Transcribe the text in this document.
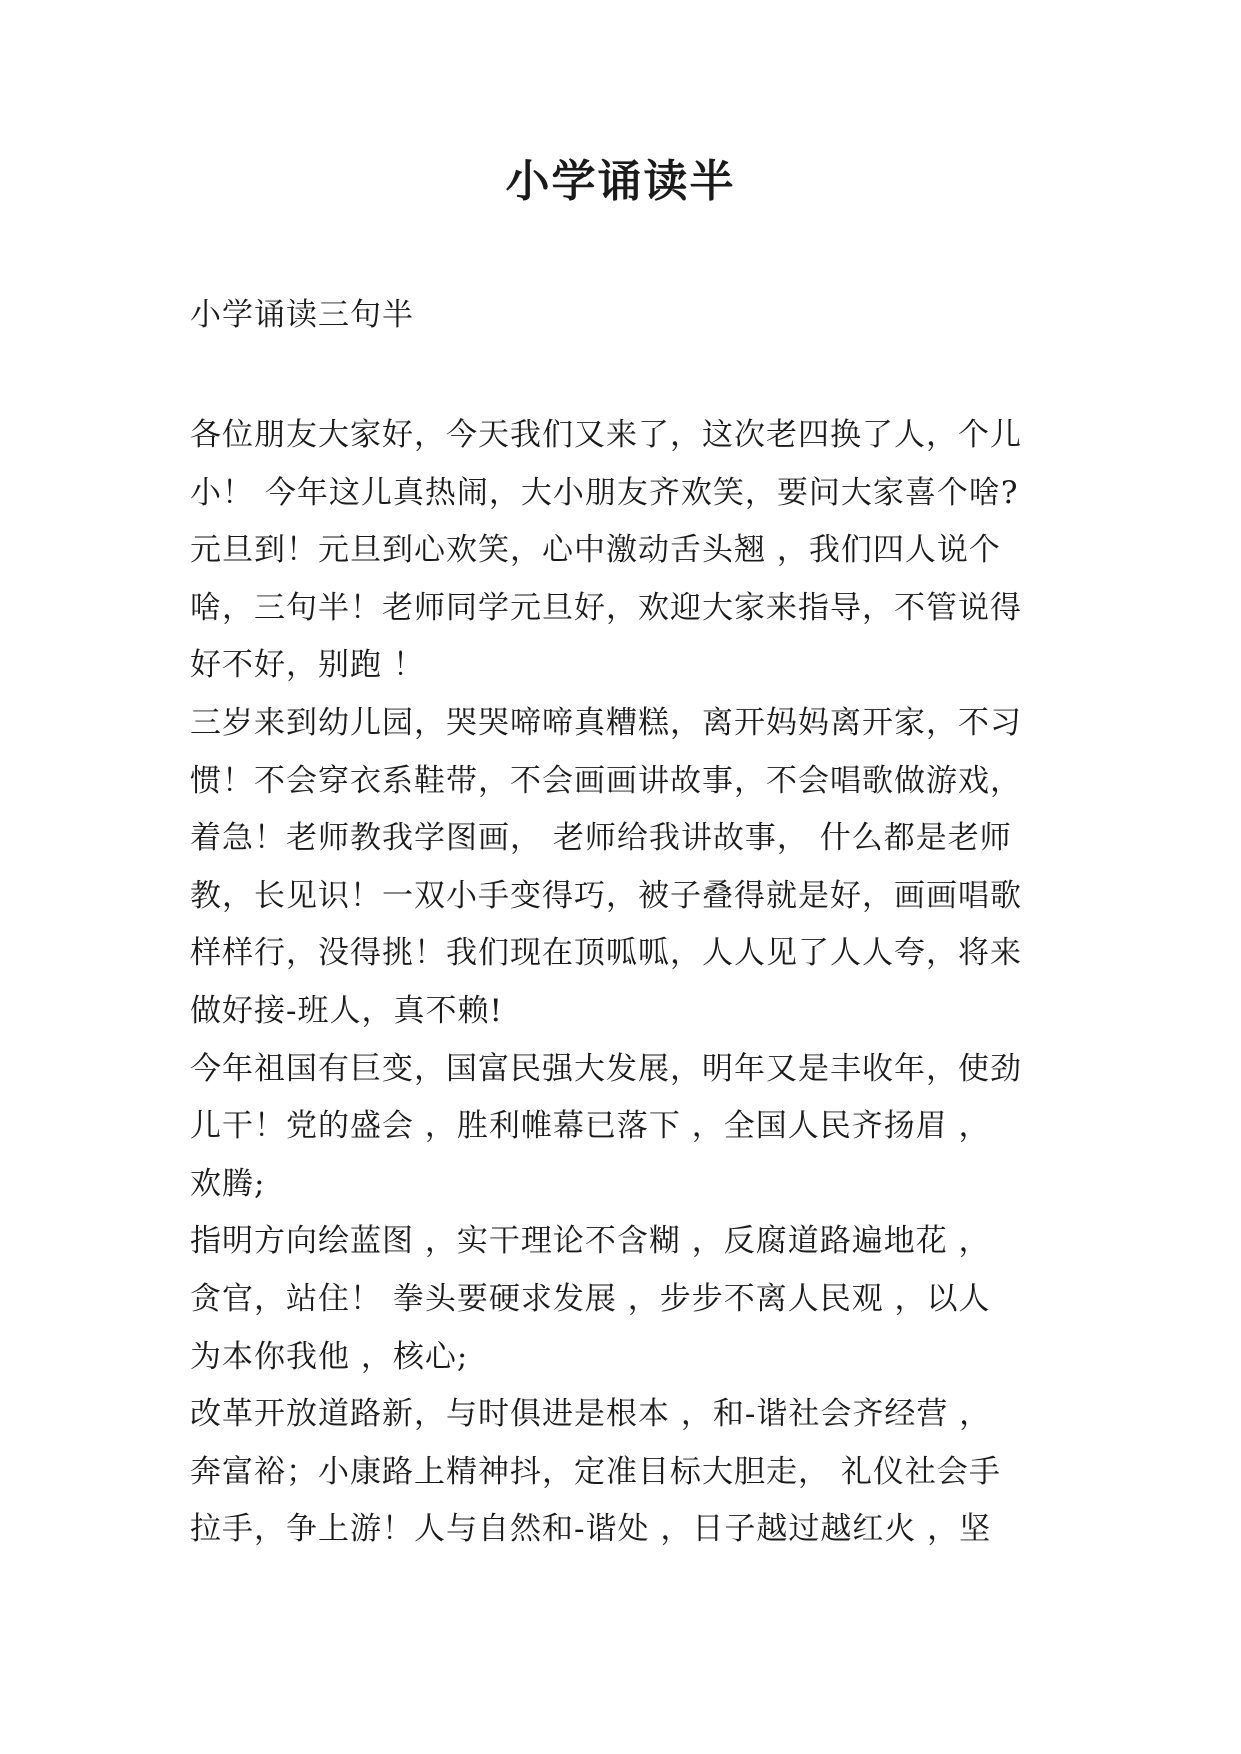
小学诵读半

小学诵读三句半

各位朋友大家好，今天我们又来了，这次老四换了人，个儿
小！ 今年这儿真热闹，大小朋友齐欢笑，要问大家喜个啥?
元旦到！元旦到心欢笑，心中激动舌头翘 ，我们四人说个
啥，三句半！老师同学元旦好，欢迎大家来指导，不管说得
好不好，别跑 ！
三岁来到幼儿园，哭哭啼啼真糟糕，离开妈妈离开家，不习
惯！不会穿衣系鞋带，不会画画讲故事，不会唱歌做游戏，
着急！老师教我学图画， 老师给我讲故事， 什么都是老师
教，长见识！一双小手变得巧，被子叠得就是好，画画唱歌
样样行，没得挑！我们现在顶呱呱，人人见了人人夸，将来
做好接-班人，真不赖!
今年祖国有巨变，国富民强大发展，明年又是丰收年，使劲
儿干！党的盛会 ，胜利帷幕已落下 ，全国人民齐扬眉 ，
欢腾;
指明方向绘蓝图 ，实干理论不含糊 ，反腐道路遍地花 ，
贪官，站住！ 拳头要硬求发展 ，步步不离人民观 ，以人
为本你我他 ，核心;
改革开放道路新，与时俱进是根本 ，和-谐社会齐经营 ，
奔富裕；小康路上精神抖，定准目标大胆走， 礼仪社会手
拉手，争上游！人与自然和-谐处 ，日子越过越红火 ，坚
